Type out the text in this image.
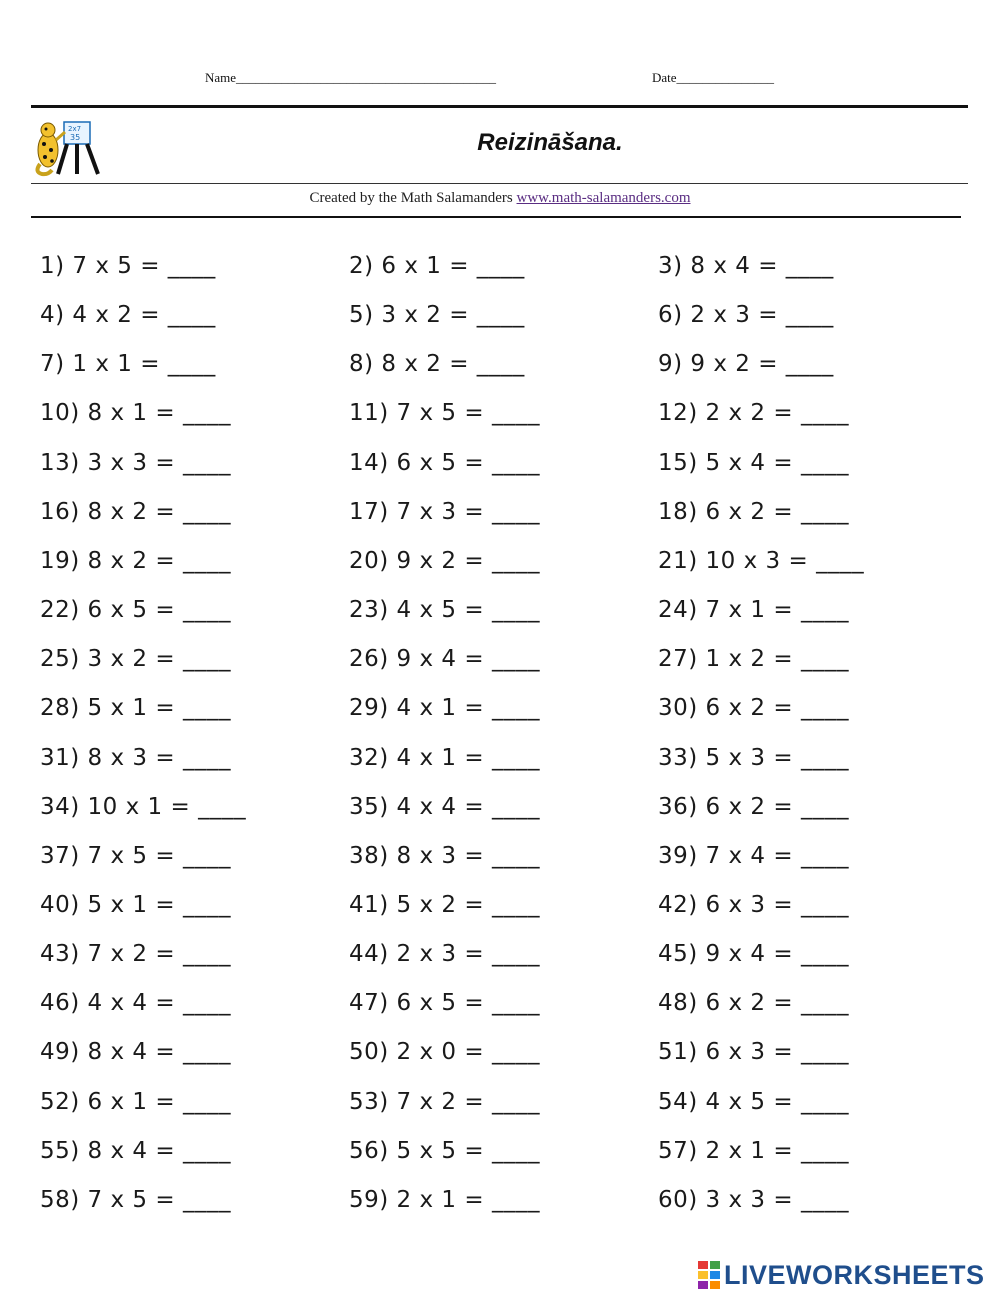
Name________________________________________	Date_______________
2x7
35	Reizināšana.
Created by the Math Salamanders www.math-salamanders.com
1) 7 x 5 = ____	2) 6 x 1 = ____	3) 8 x 4 = ____
4) 4 x 2 = ____	5) 3 x 2 = ____	6) 2 x 3 = ____
7) 1 x 1 = ____	8) 8 x 2 = ____	9) 9 x 2 = ____
10) 8 x 1 = ____	11) 7 x 5 = ____	12) 2 x 2 = ____
13) 3 x 3 = ____	14) 6 x 5 = ____	15) 5 x 4 = ____
16) 8 x 2 = ____	17) 7 x 3 = ____	18) 6 x 2 = ____
19) 8 x 2 = ____	20) 9 x 2 = ____	21) 10 x 3 = ____
22) 6 x 5 = ____	23) 4 x 5 = ____	24) 7 x 1 = ____
25) 3 x 2 = ____	26) 9 x 4 = ____	27) 1 x 2 = ____
28) 5 x 1 = ____	29) 4 x 1 = ____	30) 6 x 2 = ____
31) 8 x 3 = ____	32) 4 x 1 = ____	33) 5 x 3 = ____
34) 10 x 1 = ____	35) 4 x 4 = ____	36) 6 x 2 = ____
37) 7 x 5 = ____	38) 8 x 3 = ____	39) 7 x 4 = ____
40) 5 x 1 = ____	41) 5 x 2 = ____	42) 6 x 3 = ____
43) 7 x 2 = ____	44) 2 x 3 = ____	45) 9 x 4 = ____
46) 4 x 4 = ____	47) 6 x 5 = ____	48) 6 x 2 = ____
49) 8 x 4 = ____	50) 2 x 0 = ____	51) 6 x 3 = ____
52) 6 x 1 = ____	53) 7 x 2 = ____	54) 4 x 5 = ____
55) 8 x 4 = ____	56) 5 x 5 = ____	57) 2 x 1 = ____
58) 7 x 5 = ____	59) 2 x 1 = ____	60) 3 x 3 = ____
LIVEWORKSHEETS
